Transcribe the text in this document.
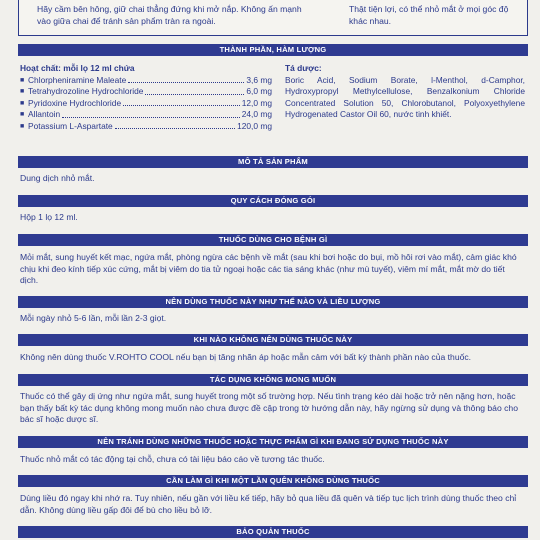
Hãy cầm bên hông, giữ chai thẳng đứng khi mở nắp. Không ấn mạnh vào giữa chai để tránh sản phẩm tràn ra ngoài.
Thật tiện lợi, có thể nhỏ mắt ở mọi góc độ khác nhau.
THÀNH PHẦN, HÀM LƯỢNG
Hoạt chất: mỗi lọ 12 ml chứa
■ Chlorpheniramine Maleate	3,6 mg
■ Tetrahydrozoline Hydrochloride	6,0 mg
■ Pyridoxine Hydrochloride	12,0 mg
■ Allantoin	24,0 mg
■ Potassium L-Aspartate	120,0 mg
Tá dược:
Boric Acid, Sodium Borate, l-Menthol, d-Camphor, Hydroxypropyl Methylcellulose, Benzalkonium Chloride Concentrated Solution 50, Chlorobutanol, Polyoxyethylene Hydrogenated Castor Oil 60, nước tinh khiết.
MÔ TẢ SẢN PHẨM
Dung dịch nhỏ mắt.
QUY CÁCH ĐÓNG GÓI
Hộp 1 lọ 12 ml.
THUỐC DÙNG CHO BỆNH GÌ
Mỏi mắt, sung huyết kết mạc, ngứa mắt, phòng ngừa các bệnh về mắt (sau khi bơi hoặc do bụi, mồ hôi rơi vào mắt), cảm giác khó chịu khi đeo kính tiếp xúc cứng, mắt bị viêm do tia tử ngoại hoặc các tia sáng khác (như mù tuyết), viêm mí mắt, mắt mờ do tiết dịch.
NÊN DÙNG THUỐC NÀY NHƯ THẾ NÀO VÀ LIỀU LƯỢNG
Mỗi ngày nhỏ 5-6 lần, mỗi lần 2-3 giọt.
KHI NÀO KHÔNG NÊN DÙNG THUỐC NÀY
Không nên dùng thuốc V.ROHTO COOL nếu bạn bị tăng nhãn áp hoặc mẫn cảm với bất kỳ thành phần nào của thuốc.
TÁC DỤNG KHÔNG MONG MUỐN
Thuốc có thể gây dị ứng như ngứa mắt, sung huyết trong một số trường hợp. Nếu tình trạng kéo dài hoặc trở nên nặng hơn, hoặc bạn thấy bất kỳ tác dụng không mong muốn nào chưa được đề cập trong tờ hướng dẫn này, hãy ngừng sử dụng và thông báo cho bác sĩ hoặc dược sĩ.
NÊN TRÁNH DÙNG NHỮNG THUỐC HOẶC THỰC PHẨM GÌ KHI ĐANG SỬ DỤNG THUỐC NÀY
Thuốc nhỏ mắt có tác động tại chỗ, chưa có tài liệu báo cáo về tương tác thuốc.
CẦN LÀM GÌ KHI MỘT LẦN QUÊN KHÔNG DÙNG THUỐC
Dùng liều đó ngay khi nhớ ra. Tuy nhiên, nếu gần với liều kế tiếp, hãy bỏ qua liều đã quên và tiếp tục lịch trình dùng thuốc theo chỉ dẫn. Không dùng liều gấp đôi để bù cho liều bỏ lỡ.
BẢO QUẢN THUỐC
